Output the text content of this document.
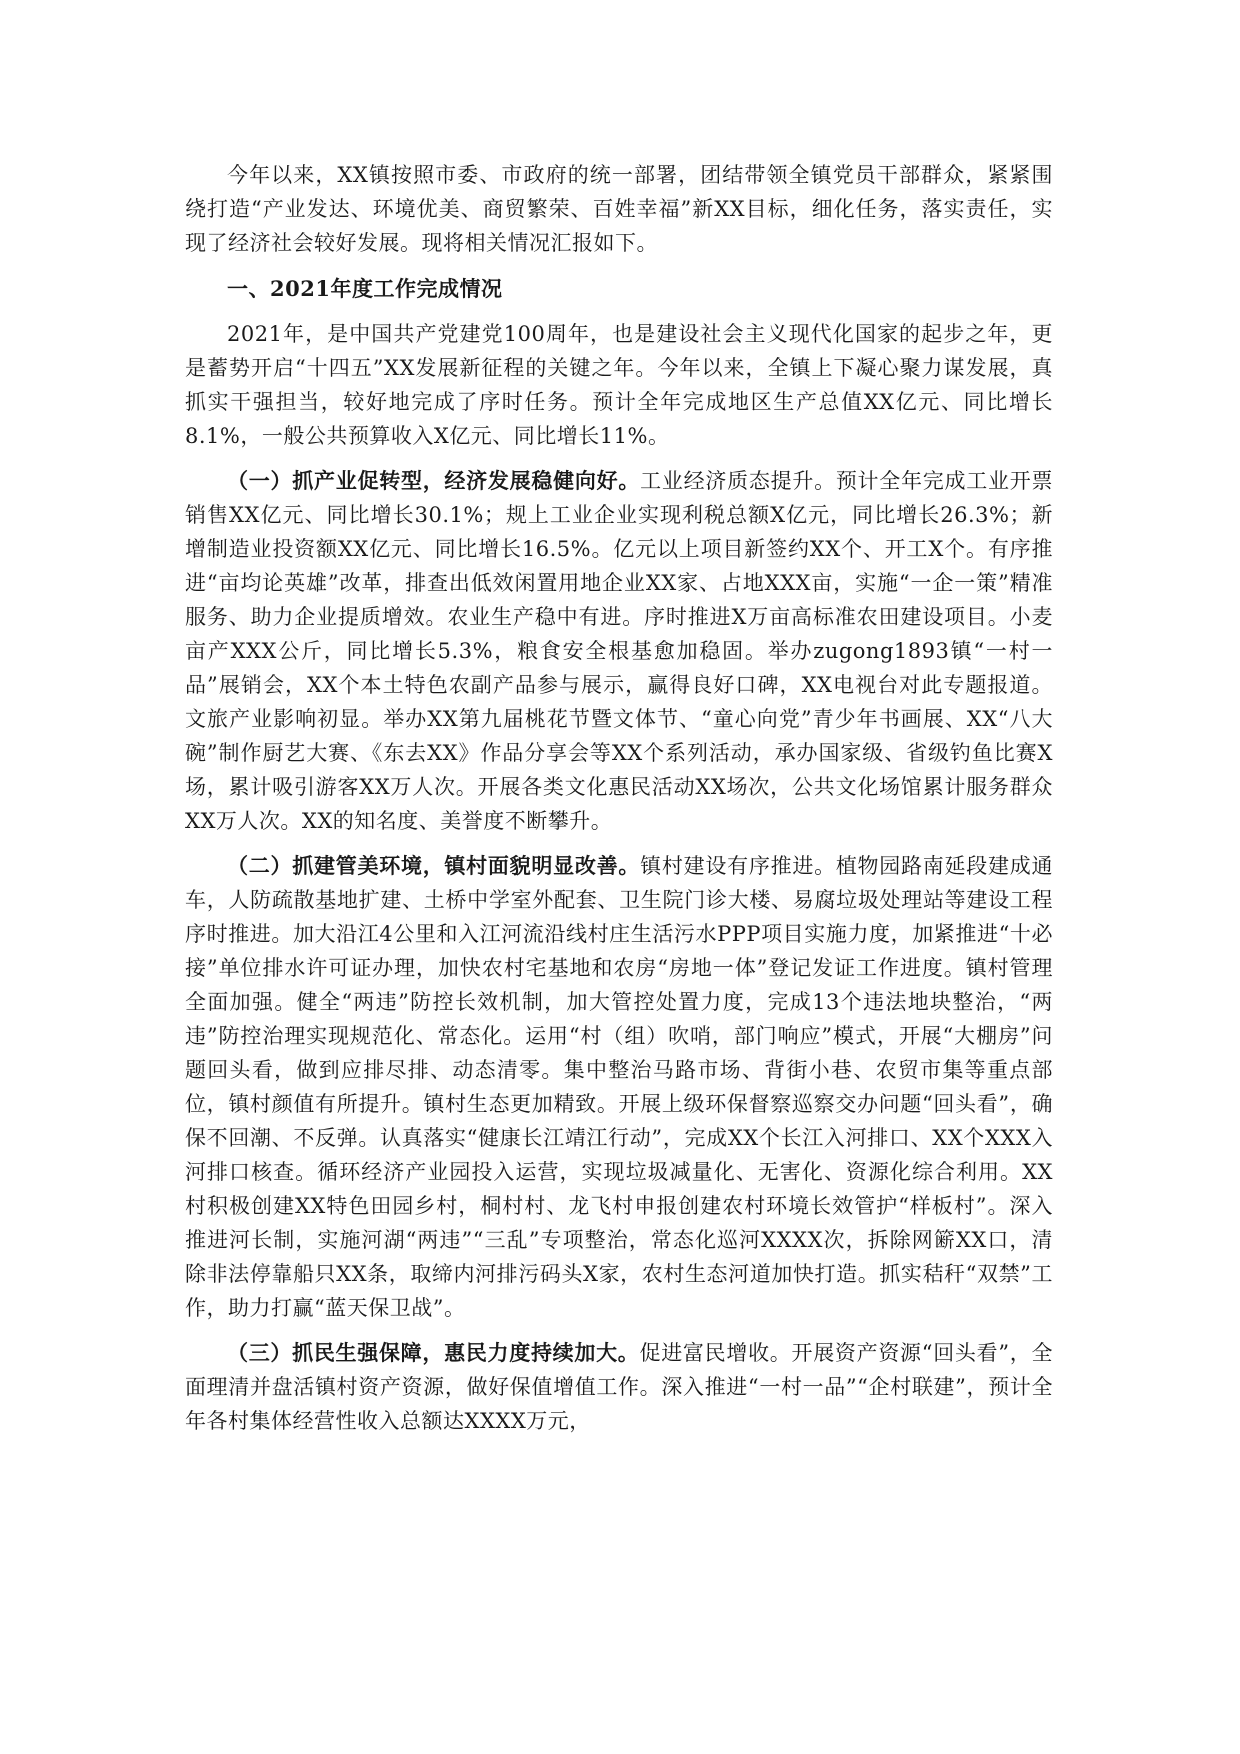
今年以来，XX镇按照市委、市政府的统一部署，团结带领全镇党员干部群众，紧紧围绕打造“产业发达、环境优美、商贸繁荣、百姓幸福”新XX目标，细化任务，落实责任，实现了经济社会较好发展。现将相关情况汇报如下。

一、2021年度工作完成情况

2021年，是中国共产党建党100周年，也是建设社会主义现代化国家的起步之年，更是蓄势开启“十四五”XX发展新征程的关键之年。今年以来，全镇上下凝心聚力谋发展，真抓实干强担当，较好地完成了序时任务。预计全年完成地区生产总值XX亿元、同比增长8.1%，一般公共预算收入X亿元、同比增长11%。

（一）抓产业促转型，经济发展稳健向好。工业经济质态提升。预计全年完成工业开票销售XX亿元、同比增长30.1%；规上工业企业实现利税总额X亿元，同比增长26.3%；新增制造业投资额XX亿元、同比增长16.5%。亿元以上项目新签约XX个、开工X个。有序推进“亩均论英雄”改革，排查出低效闲置用地企业XX家、占地XXX亩，实施“一企一策”精准服务、助力企业提质增效。农业生产稳中有进。序时推进X万亩高标准农田建设项目。小麦亩产XXX公斤，同比增长5.3%，粮食安全根基愈加稳固。举办zugong1893镇“一村一品”展销会，XX个本土特色农副产品参与展示，赢得良好口碑，XX电视台对此专题报道。文旅产业影响初显。举办XX第九届桃花节暨文体节、“童心向党”青少年书画展、XX“八大碗”制作厨艺大赛、《东去XX》作品分享会等XX个系列活动，承办国家级、省级钓鱼比赛X场，累计吸引游客XX万人次。开展各类文化惠民活动XX场次，公共文化场馆累计服务群众XX万人次。XX的知名度、美誉度不断攀升。

（二）抓建管美环境，镇村面貌明显改善。镇村建设有序推进。植物园路南延段建成通车，人防疏散基地扩建、土桥中学室外配套、卫生院门诊大楼、易腐垃圾处理站等建设工程序时推进。加大沿江4公里和入江河流沿线村庄生活污水PPP项目实施力度，加紧推进“十必接”单位排水许可证办理，加快农村宅基地和农房“房地一体”登记发证工作进度。镇村管理全面加强。健全“两违”防控长效机制，加大管控处置力度，完成13个违法地块整治，“两违”防控治理实现规范化、常态化。运用“村（组）吹哨，部门响应”模式，开展“大棚房”问题回头看，做到应排尽排、动态清零。集中整治马路市场、背街小巷、农贸市集等重点部位，镇村颜值有所提升。镇村生态更加精致。开展上级环保督察巡察交办问题“回头看”，确保不回潮、不反弹。认真落实“健康长江靖江行动”，完成XX个长江入河排口、XX个XXX入河排口核查。循环经济产业园投入运营，实现垃圾减量化、无害化、资源化综合利用。XX村积极创建XX特色田园乡村，桐村村、龙飞村申报创建农村环境长效管护“样板村”。深入推进河长制，实施河湖“两违”“三乱”专项整治，常态化巡河XXXX次，拆除网簖XX口，清除非法停靠船只XX条，取缔内河排污码头X家，农村生态河道加快打造。抓实秸秆“双禁”工作，助力打赢“蓝天保卫战”。

（三）抓民生强保障，惠民力度持续加大。促进富民增收。开展资产资源“回头看”，全面理清并盘活镇村资产资源，做好保值增值工作。深入推进“一村一品”“企村联建”，预计全年各村集体经营性收入总额达XXXX万元，
